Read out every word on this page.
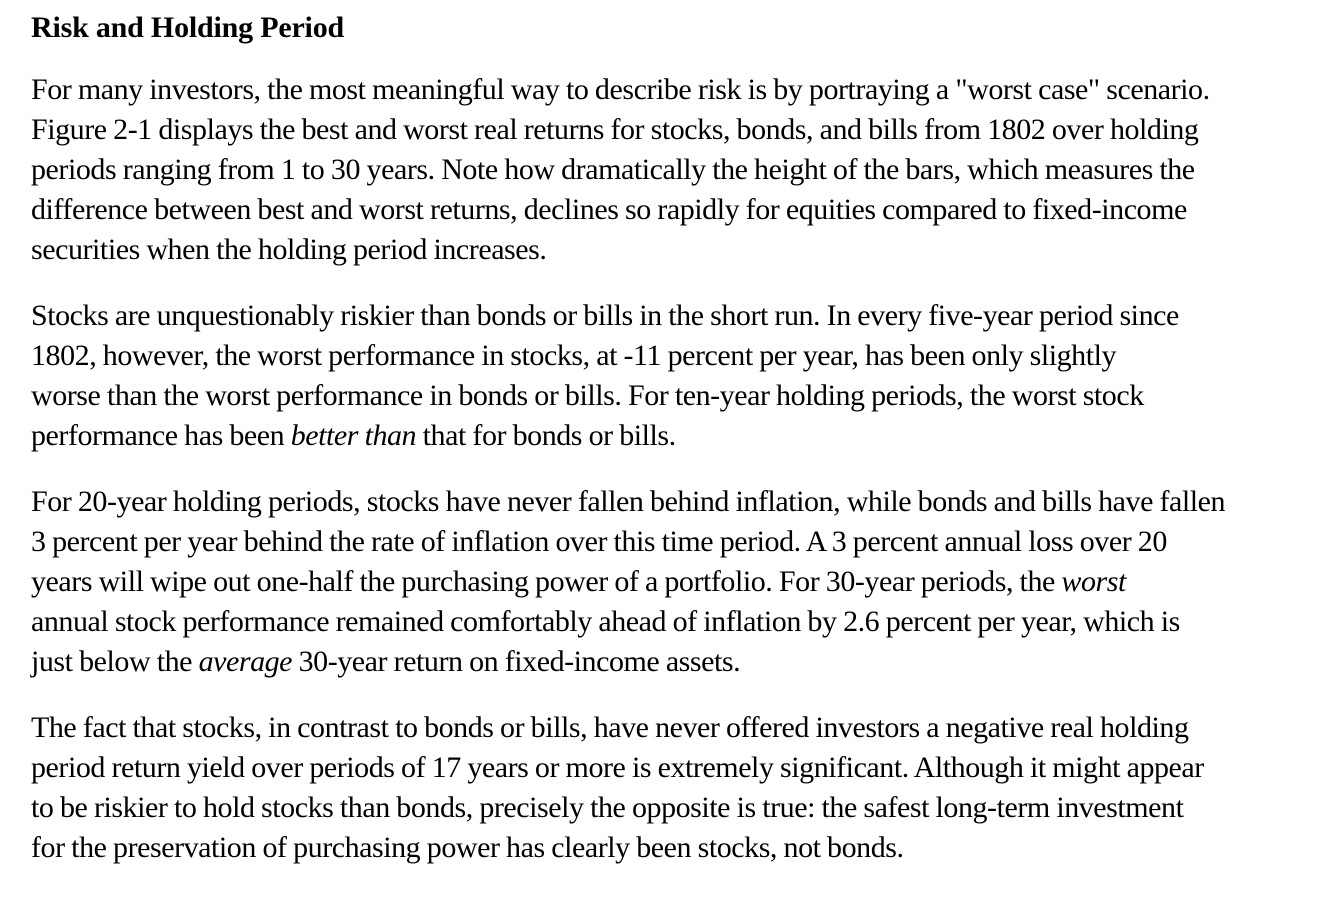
Risk and Holding Period
For many investors, the most meaningful way to describe risk is by portraying a "worst case" scenario.
Figure 2-1 displays the best and worst real returns for stocks, bonds, and bills from 1802 over holding
periods ranging from 1 to 30 years. Note how dramatically the height of the bars, which measures the
difference between best and worst returns, declines so rapidly for equities compared to fixed-income
securities when the holding period increases.
Stocks are unquestionably riskier than bonds or bills in the short run. In every five-year period since
1802, however, the worst performance in stocks, at -11 percent per year, has been only slightly
worse than the worst performance in bonds or bills. For ten-year holding periods, the worst stock
performance has been better than that for bonds or bills.
For 20-year holding periods, stocks have never fallen behind inflation, while bonds and bills have fallen
3 percent per year behind the rate of inflation over this time period. A 3 percent annual loss over 20
years will wipe out one-half the purchasing power of a portfolio. For 30-year periods, the worst
annual stock performance remained comfortably ahead of inflation by 2.6 percent per year, which is
just below the average 30-year return on fixed-income assets.
The fact that stocks, in contrast to bonds or bills, have never offered investors a negative real holding
period return yield over periods of 17 years or more is extremely significant. Although it might appear
to be riskier to hold stocks than bonds, precisely the opposite is true: the safest long-term investment
for the preservation of purchasing power has clearly been stocks, not bonds.
